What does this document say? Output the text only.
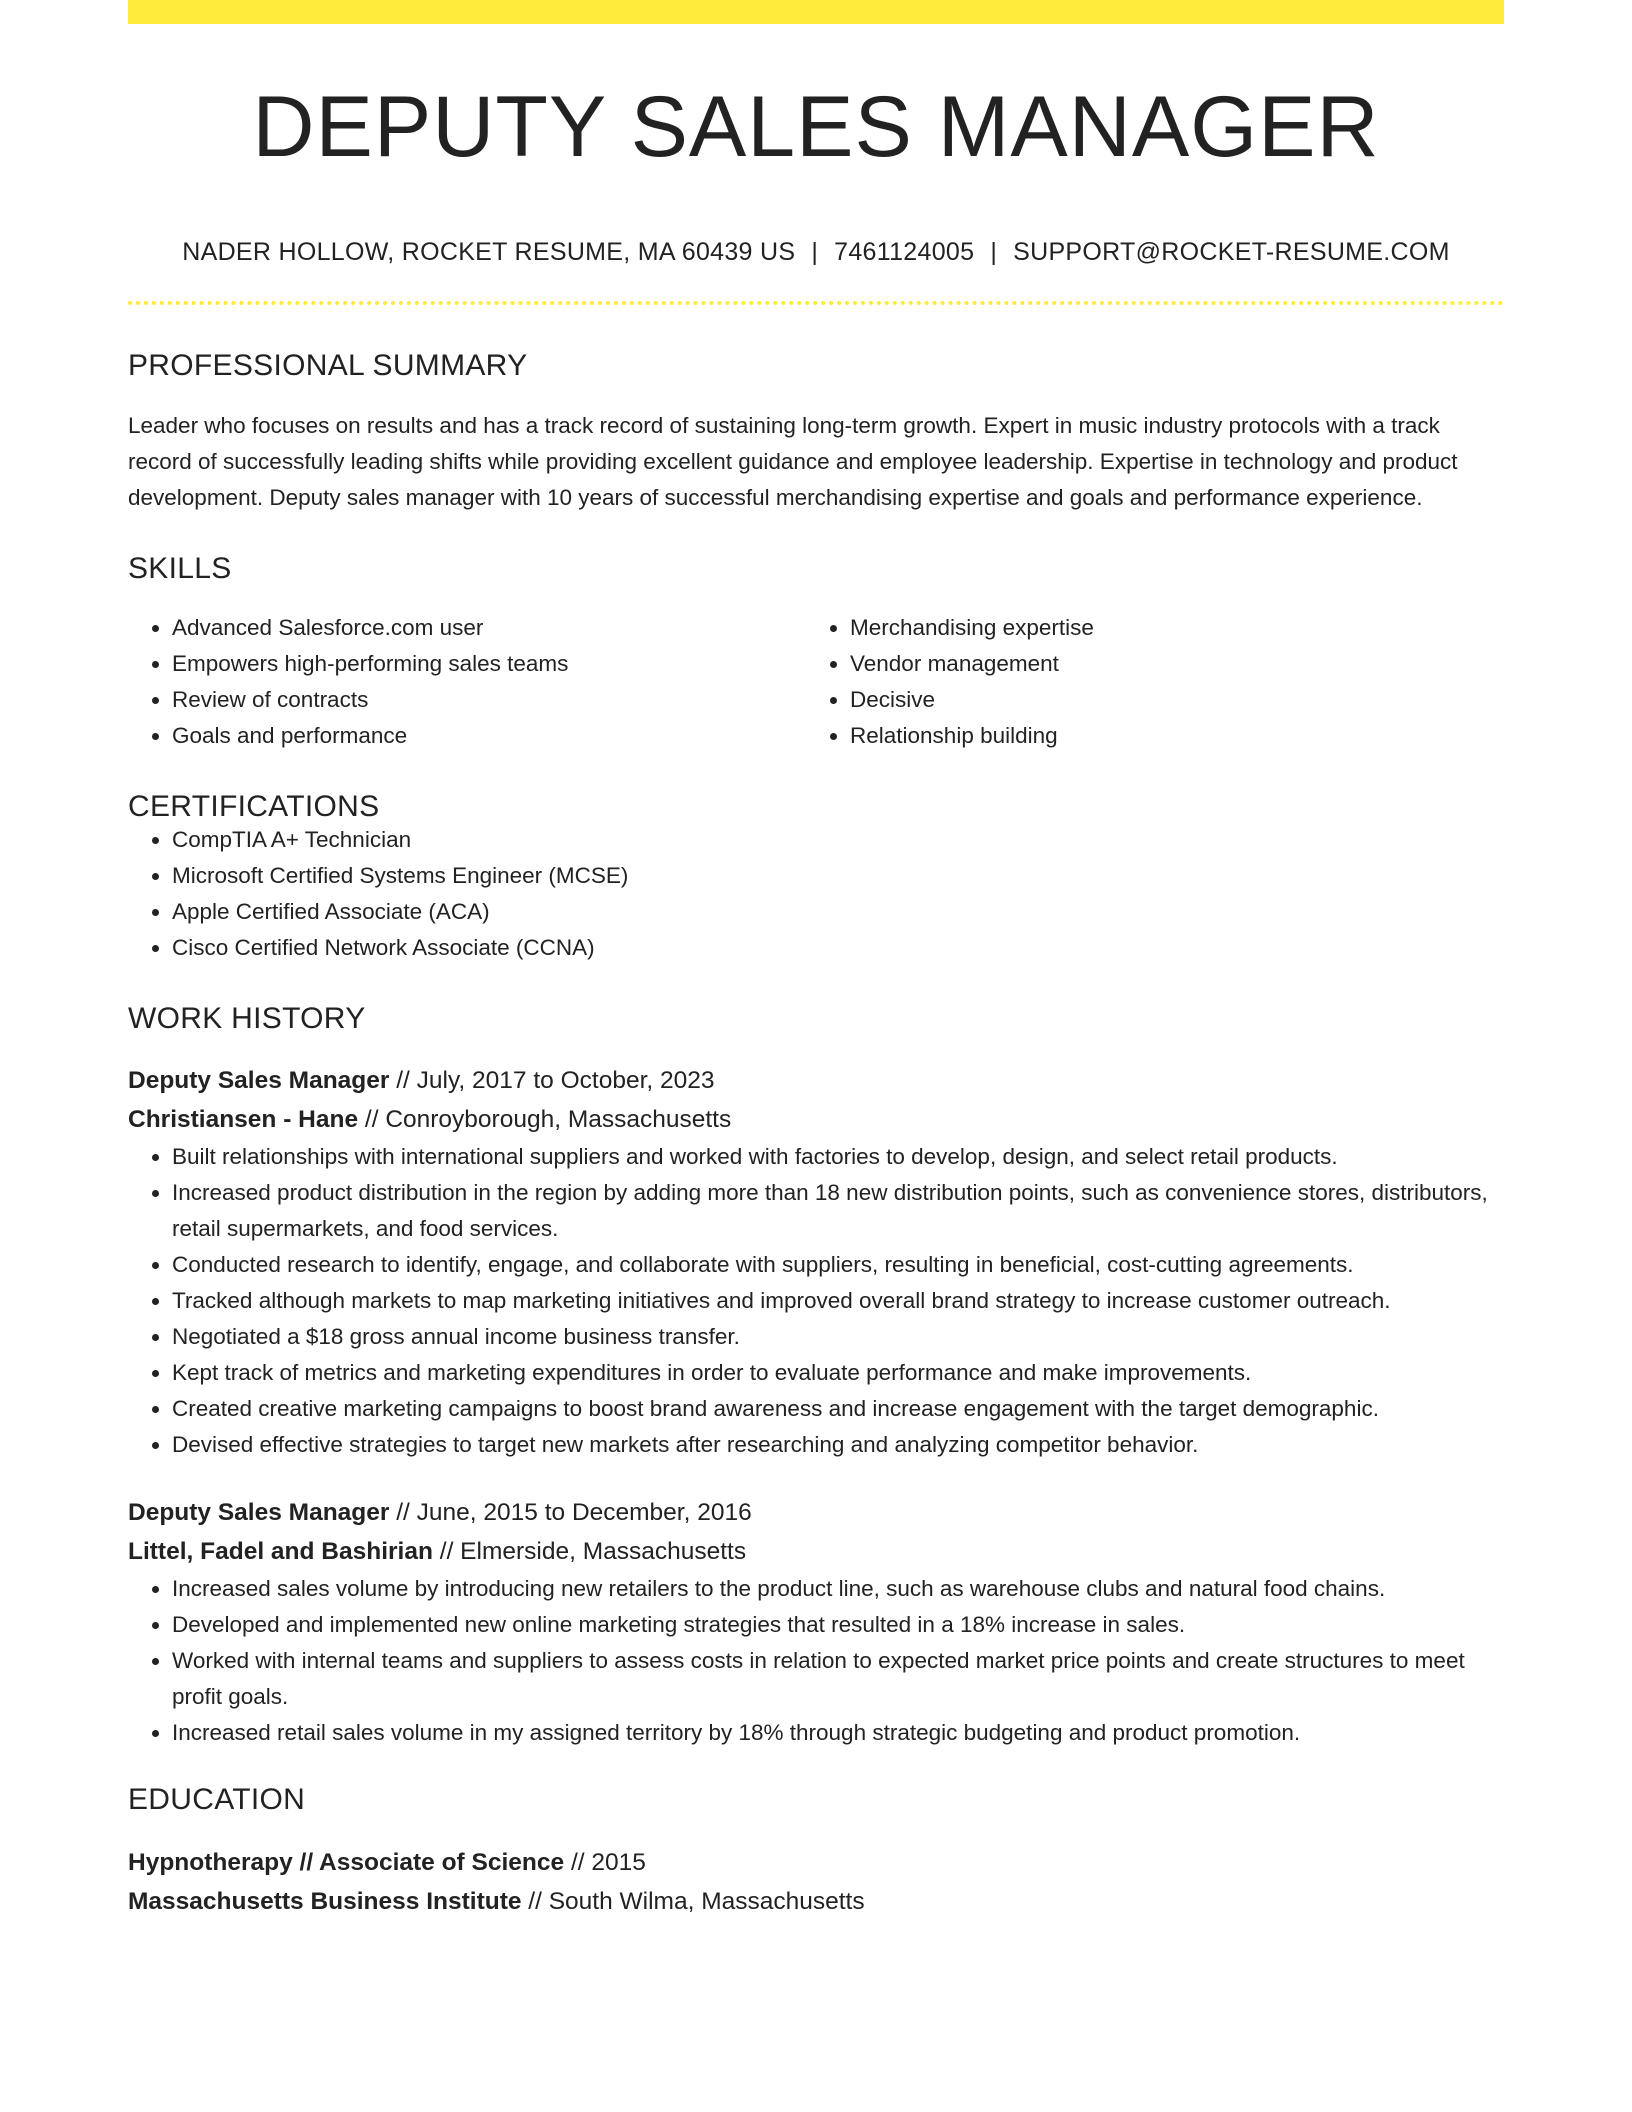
DEPUTY SALES MANAGER
NADER HOLLOW, ROCKET RESUME, MA 60439 US | 7461124005 | SUPPORT@ROCKET-RESUME.COM
PROFESSIONAL SUMMARY
Leader who focuses on results and has a track record of sustaining long-term growth. Expert in music industry protocols with a track record of successfully leading shifts while providing excellent guidance and employee leadership. Expertise in technology and product development. Deputy sales manager with 10 years of successful merchandising expertise and goals and performance experience.
SKILLS
• Advanced Salesforce.com user
• Empowers high-performing sales teams
• Review of contracts
• Goals and performance
• Merchandising expertise
• Vendor management
• Decisive
• Relationship building
CERTIFICATIONS
• CompTIA A+ Technician
• Microsoft Certified Systems Engineer (MCSE)
• Apple Certified Associate (ACA)
• Cisco Certified Network Associate (CCNA)
WORK HISTORY
Deputy Sales Manager // July, 2017 to October, 2023
Christiansen - Hane // Conroyborough, Massachusetts
• Built relationships with international suppliers and worked with factories to develop, design, and select retail products.
• Increased product distribution in the region by adding more than 18 new distribution points, such as convenience stores, distributors, retail supermarkets, and food services.
• Conducted research to identify, engage, and collaborate with suppliers, resulting in beneficial, cost-cutting agreements.
• Tracked although markets to map marketing initiatives and improved overall brand strategy to increase customer outreach.
• Negotiated a $18 gross annual income business transfer.
• Kept track of metrics and marketing expenditures in order to evaluate performance and make improvements.
• Created creative marketing campaigns to boost brand awareness and increase engagement with the target demographic.
• Devised effective strategies to target new markets after researching and analyzing competitor behavior.
Deputy Sales Manager // June, 2015 to December, 2016
Littel, Fadel and Bashirian // Elmerside, Massachusetts
• Increased sales volume by introducing new retailers to the product line, such as warehouse clubs and natural food chains.
• Developed and implemented new online marketing strategies that resulted in a 18% increase in sales.
• Worked with internal teams and suppliers to assess costs in relation to expected market price points and create structures to meet profit goals.
• Increased retail sales volume in my assigned territory by 18% through strategic budgeting and product promotion.
EDUCATION
Hypnotherapy // Associate of Science // 2015
Massachusetts Business Institute // South Wilma, Massachusetts
